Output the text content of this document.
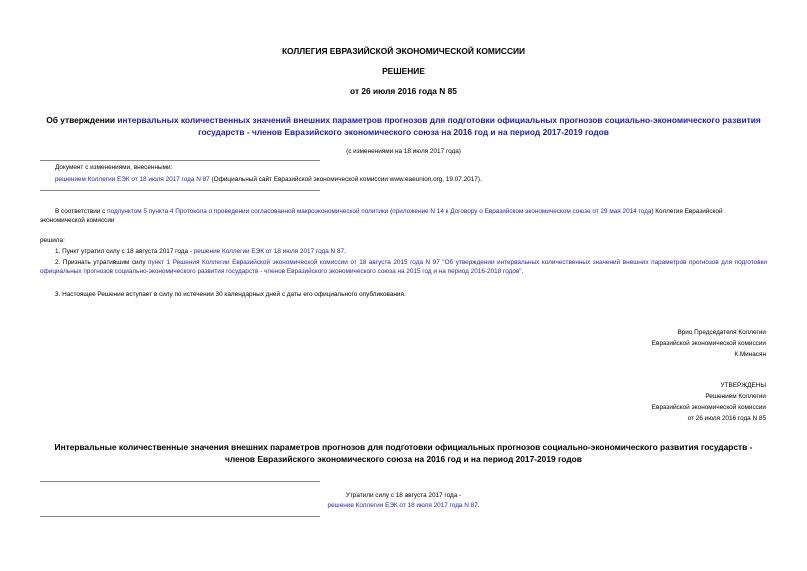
КОЛЛЕГИЯ ЕВРАЗИЙСКОЙ ЭКОНОМИЧЕСКОЙ КОМИССИИ
РЕШЕНИЕ
от 26 июля 2016 года N 85
Об утверждении интервальных количественных значений внешних параметров прогнозов для подготовки официальных прогнозов социально-экономического развития государств - членов Евразийского экономического союза на 2016 год и на период 2017-2019 годов
(с изменениями на 18 июля 2017 года)
Документ с изменениями, внесенными:
решением Коллегии ЕЭК от 18 июля 2017 года N 87 (Официальный сайт Евразийской экономической комиссии www.eaeunion.org, 19.07.2017).
В соответствии с подпунктом 5 пункта 4 Протокола о проведении согласованной макроэкономической политики (приложение N 14 к Договору о Евразийском экономическом союзе от 29 мая 2014 года) Коллегия Евразийской экономической комиссии
решила:
1. Пункт утратил силу с 18 августа 2017 года - решение Коллегии ЕЭК от 18 июля 2017 года N 87.
2. Признать утратившим силу пункт 1 Решения Коллегии Евразийской экономической комиссии от 18 августа 2015 года N 97 "Об утверждении интервальных количественных значений внешних параметров прогнозов для подготовки официальных прогнозов социально-экономического развития государств - членов Евразийского экономического союза на 2015 год и на период 2016-2018 годов".
3. Настоящее Решение вступает в силу по истечении 30 календарных дней с даты его официального опубликования.
Врио Председателя Коллегии
Евразийской экономической комиссии
К.Минасян
УТВЕРЖДЕНЫ
Решением Коллегии
Евразийской экономической комиссии
от 26 июля 2016 года N 85
Интервальные количественные значения внешних параметров прогнозов для подготовки официальных прогнозов социально-экономического развития государств - членов Евразийского экономического союза на 2016 год и на период 2017-2019 годов
Утратили силу с 18 августа 2017 года -
решение Коллегии ЕЭК от 18 июля 2017 года N 87.
